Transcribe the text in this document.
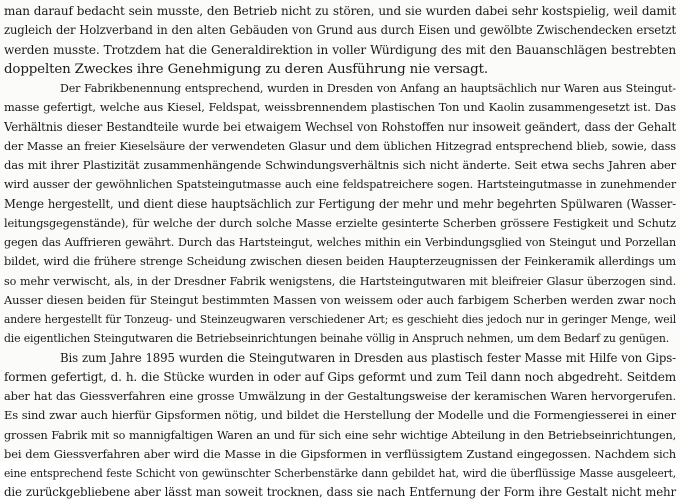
man darauf bedacht sein musste, den Betrieb nicht zu stören, und sie wurden dabei sehr kostspielig, weil damit
zugleich der Holzverband in den alten Gebäuden von Grund aus durch Eisen und gewölbte Zwischendecken ersetzt
werden musste. Trotzdem hat die Generaldirektion in voller Würdigung des mit den Bauanschlägen bestrebten
doppelten Zweckes ihre Genehmigung zu deren Ausführung nie versagt.
Der Fabrikbenennung entsprechend, wurden in Dresden von Anfang an hauptsächlich nur Waren aus Steingut-
masse gefertigt, welche aus Kiesel, Feldspat, weissbrennendem plastischen Ton und Kaolin zusammengesetzt ist. Das
Verhältnis dieser Bestandteile wurde bei etwaigem Wechsel von Rohstoffen nur insoweit geändert, dass der Gehalt
der Masse an freier Kieselsäure der verwendeten Glasur und dem üblichen Hitzegrad entsprechend blieb, sowie, dass
das mit ihrer Plastizität zusammenhängende Schwindungsverhältnis sich nicht änderte. Seit etwa sechs Jahren aber
wird ausser der gewöhnlichen Spatsteingutmasse auch eine feldspatreichere sogen. Hartsteingutmasse in zunehmender
Menge hergestellt, und dient diese hauptsächlich zur Fertigung der mehr und mehr begehrten Spülwaren (Wasser-
leitungsgegenstände), für welche der durch solche Masse erzielte gesinterte Scherben grössere Festigkeit und Schutz
gegen das Auffrieren gewährt. Durch das Hartsteingut, welches mithin ein Verbindungsglied von Steingut und Porzellan
bildet, wird die frühere strenge Scheidung zwischen diesen beiden Haupterzeugnissen der Feinkeramik allerdings um
so mehr verwischt, als, in der Dresdner Fabrik wenigstens, die Hartsteingutwaren mit bleifreier Glasur überzogen sind.
Ausser diesen beiden für Steingut bestimmten Massen von weissem oder auch farbigem Scherben werden zwar noch
andere hergestellt für Tonzeug- und Steinzeugwaren verschiedener Art; es geschieht dies jedoch nur in geringer Menge, weil
die eigentlichen Steingutwaren die Betriebseinrichtungen beinahe völlig in Anspruch nehmen, um dem Bedarf zu genügen.
Bis zum Jahre 1895 wurden die Steingutwaren in Dresden aus plastisch fester Masse mit Hilfe von Gips-
formen gefertigt, d. h. die Stücke wurden in oder auf Gips geformt und zum Teil dann noch abgedreht. Seitdem
aber hat das Giessverfahren eine grosse Umwälzung in der Gestaltungsweise der keramischen Waren hervorgerufen.
Es sind zwar auch hierfür Gipsformen nötig, und bildet die Herstellung der Modelle und die Formengiesserei in einer
grossen Fabrik mit so mannigfaltigen Waren an und für sich eine sehr wichtige Abteilung in den Betriebseinrichtungen,
bei dem Giessverfahren aber wird die Masse in die Gipsformen in verflüssigtem Zustand eingegossen. Nachdem sich
eine entsprechend feste Schicht von gewünschter Scherbenstärke dann gebildet hat, wird die überflüssige Masse ausgeleert,
die zurückgebliebene aber lässt man soweit trocknen, dass sie nach Entfernung der Form ihre Gestalt nicht mehr
